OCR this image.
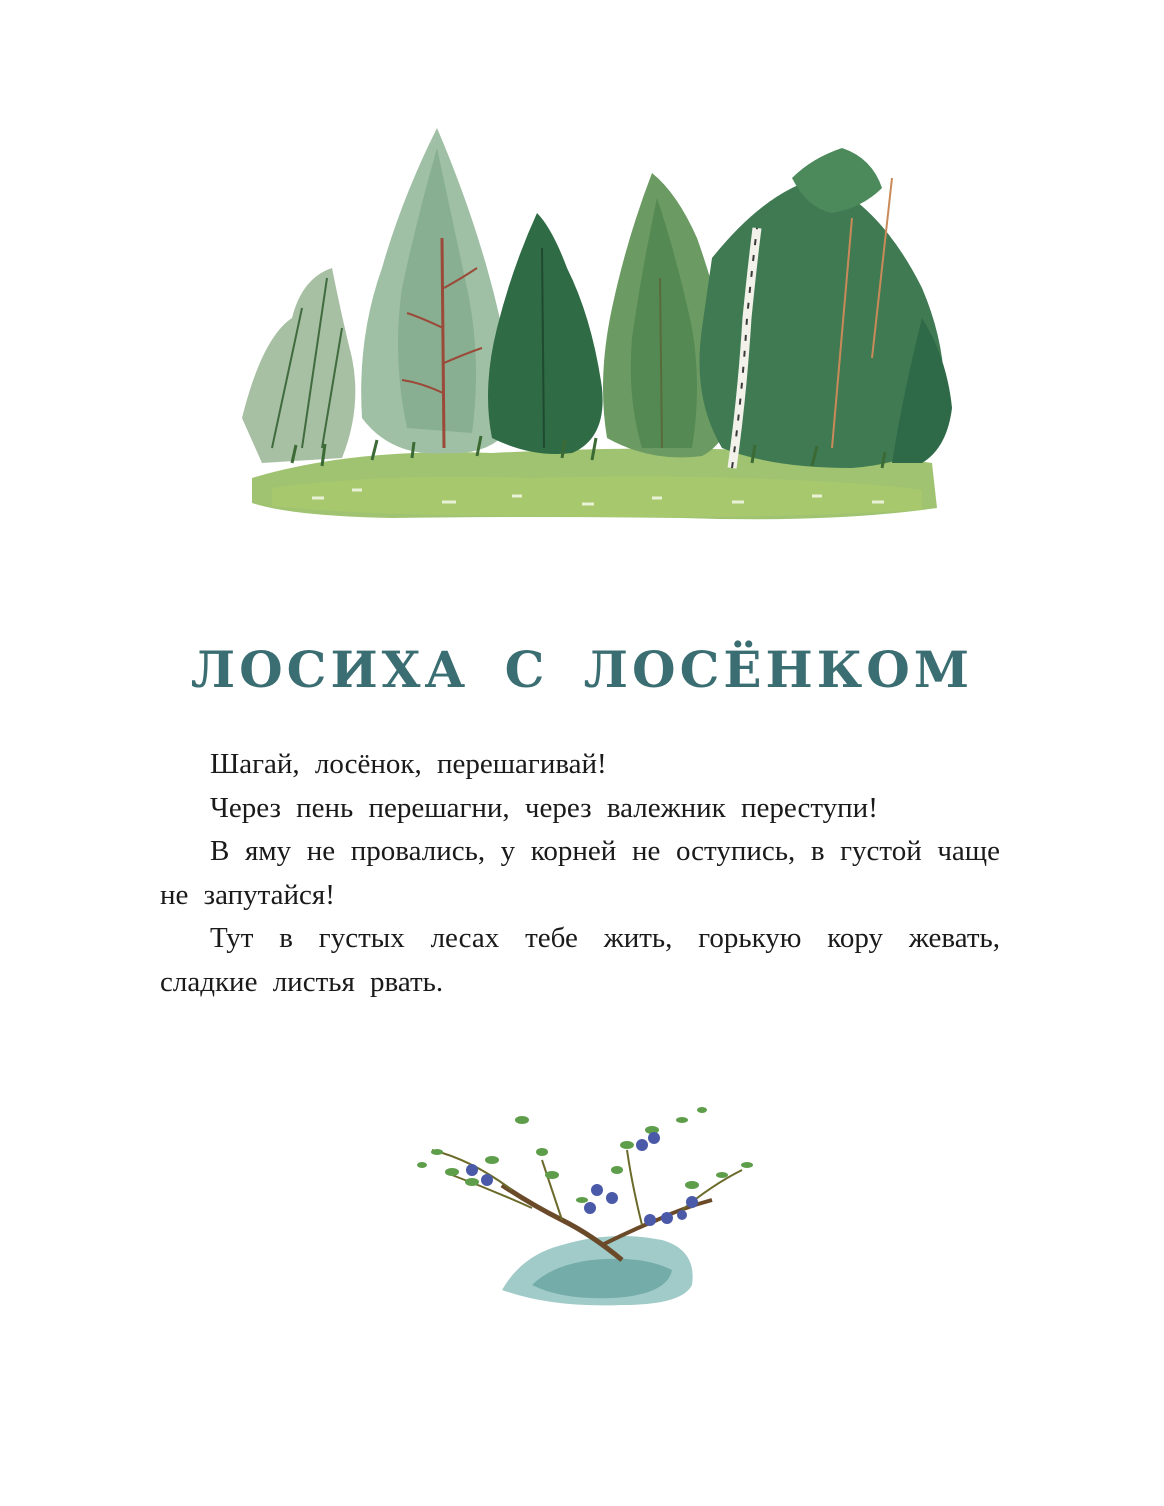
ЛОСИХА С ЛОСЁНКОМ

Шагай, лосёнок, перешагивай!

Через пень перешагни, через валежник переступи!

В яму не провались, у корней не оступись, в густой чаще не запутайся!

Тут в густых лесах тебе жить, горькую кору жевать, сладкие листья рвать.
